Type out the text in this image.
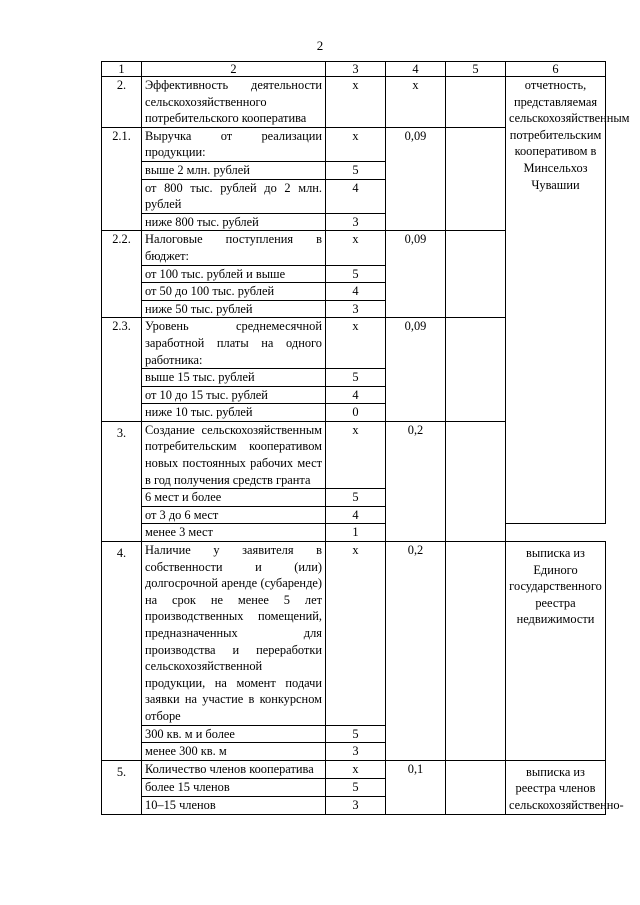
2
1	2	3	4	5	6
2.	Эффективность деятельности сельскохозяйственного потребительского кооператива	х	х		отчетность, представляемая сельскохозяйственным потребительским кооперативом в Минсельхоз Чувашии
2.1.	Выручка от реализации продукции:	х	0,09		
	выше 2 млн. рублей	5			
	от 800 тыс. рублей до 2 млн. рублей	4			
	ниже 800 тыс. рублей	3			
2.2.	Налоговые поступления в бюджет:	х	0,09		
	от 100 тыс. рублей и выше	5			
	от 50 до 100 тыс. рублей	4			
	ниже 50 тыс. рублей	3			
2.3.	Уровень среднемесячной заработной платы на одного работника:	х	0,09		
	выше 15 тыс. рублей	5			
	от 10 до 15 тыс. рублей	4			
	ниже 10 тыс. рублей	0			
3.	Создание сельскохозяйственным потребительским кооперативом новых постоянных рабочих мест в год получения средств гранта	х	0,2		
	6 мест и более	5			
	от 3 до 6 мест	4			
	менее 3 мест	1			
4.	Наличие у заявителя в собственности и (или) долгосрочной аренде (субаренде) на срок не менее 5 лет производственных помещений, предназначенных для производства и переработки сельскохозяйственной продукции, на момент подачи заявки на участие в конкурсном отборе	х	0,2		выписка из Единого государственного реестра недвижимости
	300 кв. м и более	5			
	менее 300 кв. м	3			
5.	Количество членов кооператива	х	0,1		выписка из реестра членов сельскохозяйственно-
	более 15 членов	5			
	10–15 членов	3			
